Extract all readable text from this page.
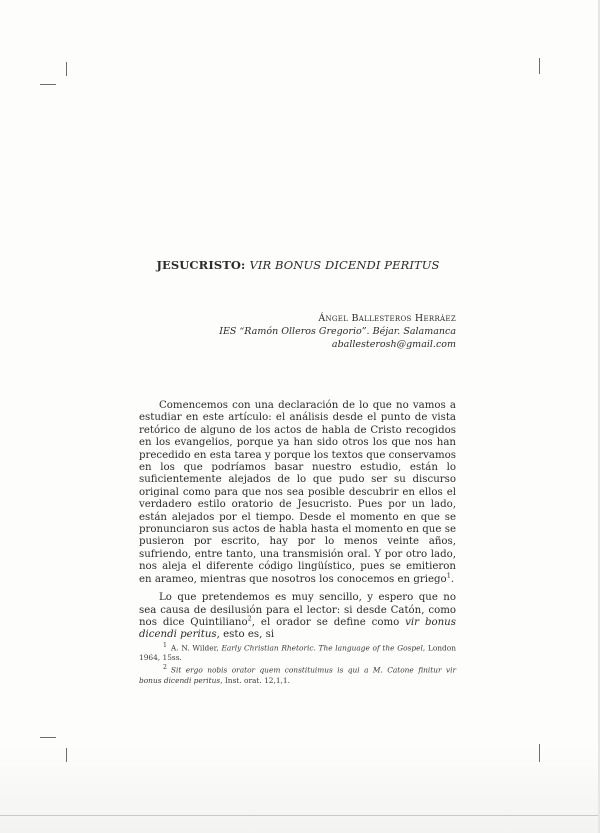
JESUCRISTO: VIR BONUS DICENDI PERITUS
Ángel Ballesteros Herráez
IES “Ramón Olleros Gregorio”. Béjar. Salamanca
aballesterosh@gmail.com

Comencemos con una declaración de lo que no vamos a estudiar en este artículo: el análisis desde el punto de vista retórico de alguno de los actos de habla de Cristo recogidos en los evangelios, porque ya han sido otros los que nos han precedido en esta tarea y porque los textos que conservamos en los que podríamos basar nuestro estudio, están lo suficientemente alejados de lo que pudo ser su discurso original como para que nos sea posible descubrir en ellos el verdadero estilo oratorio de Jesucristo. Pues por un lado, están alejados por el tiempo. Desde el momento en que se pronunciaron sus actos de habla hasta el momento en que se pusieron por escrito, hay por lo menos veinte años, sufriendo, entre tanto, una transmisión oral. Y por otro lado, nos aleja el diferente código lingüístico, pues se emitieron en arameo, mientras que nosotros los conocemos en griego$^1$.

Lo que pretendemos es muy sencillo, y espero que no sea causa de desilusión para el lector: si desde Catón, como nos dice Quintiliano$^2$, el orador se define como vir bonus dicendi peritus, esto es, si

$^1$ A. N. Wilder, Early Christian Rhetoric. The language of the Gospel, London 1964, 15ss.

$^2$ Sit ergo nobis orator quem constituimus is qui a M. Catone finitur vir bonus dicendi peritus, Inst. orat. 12,1,1.
